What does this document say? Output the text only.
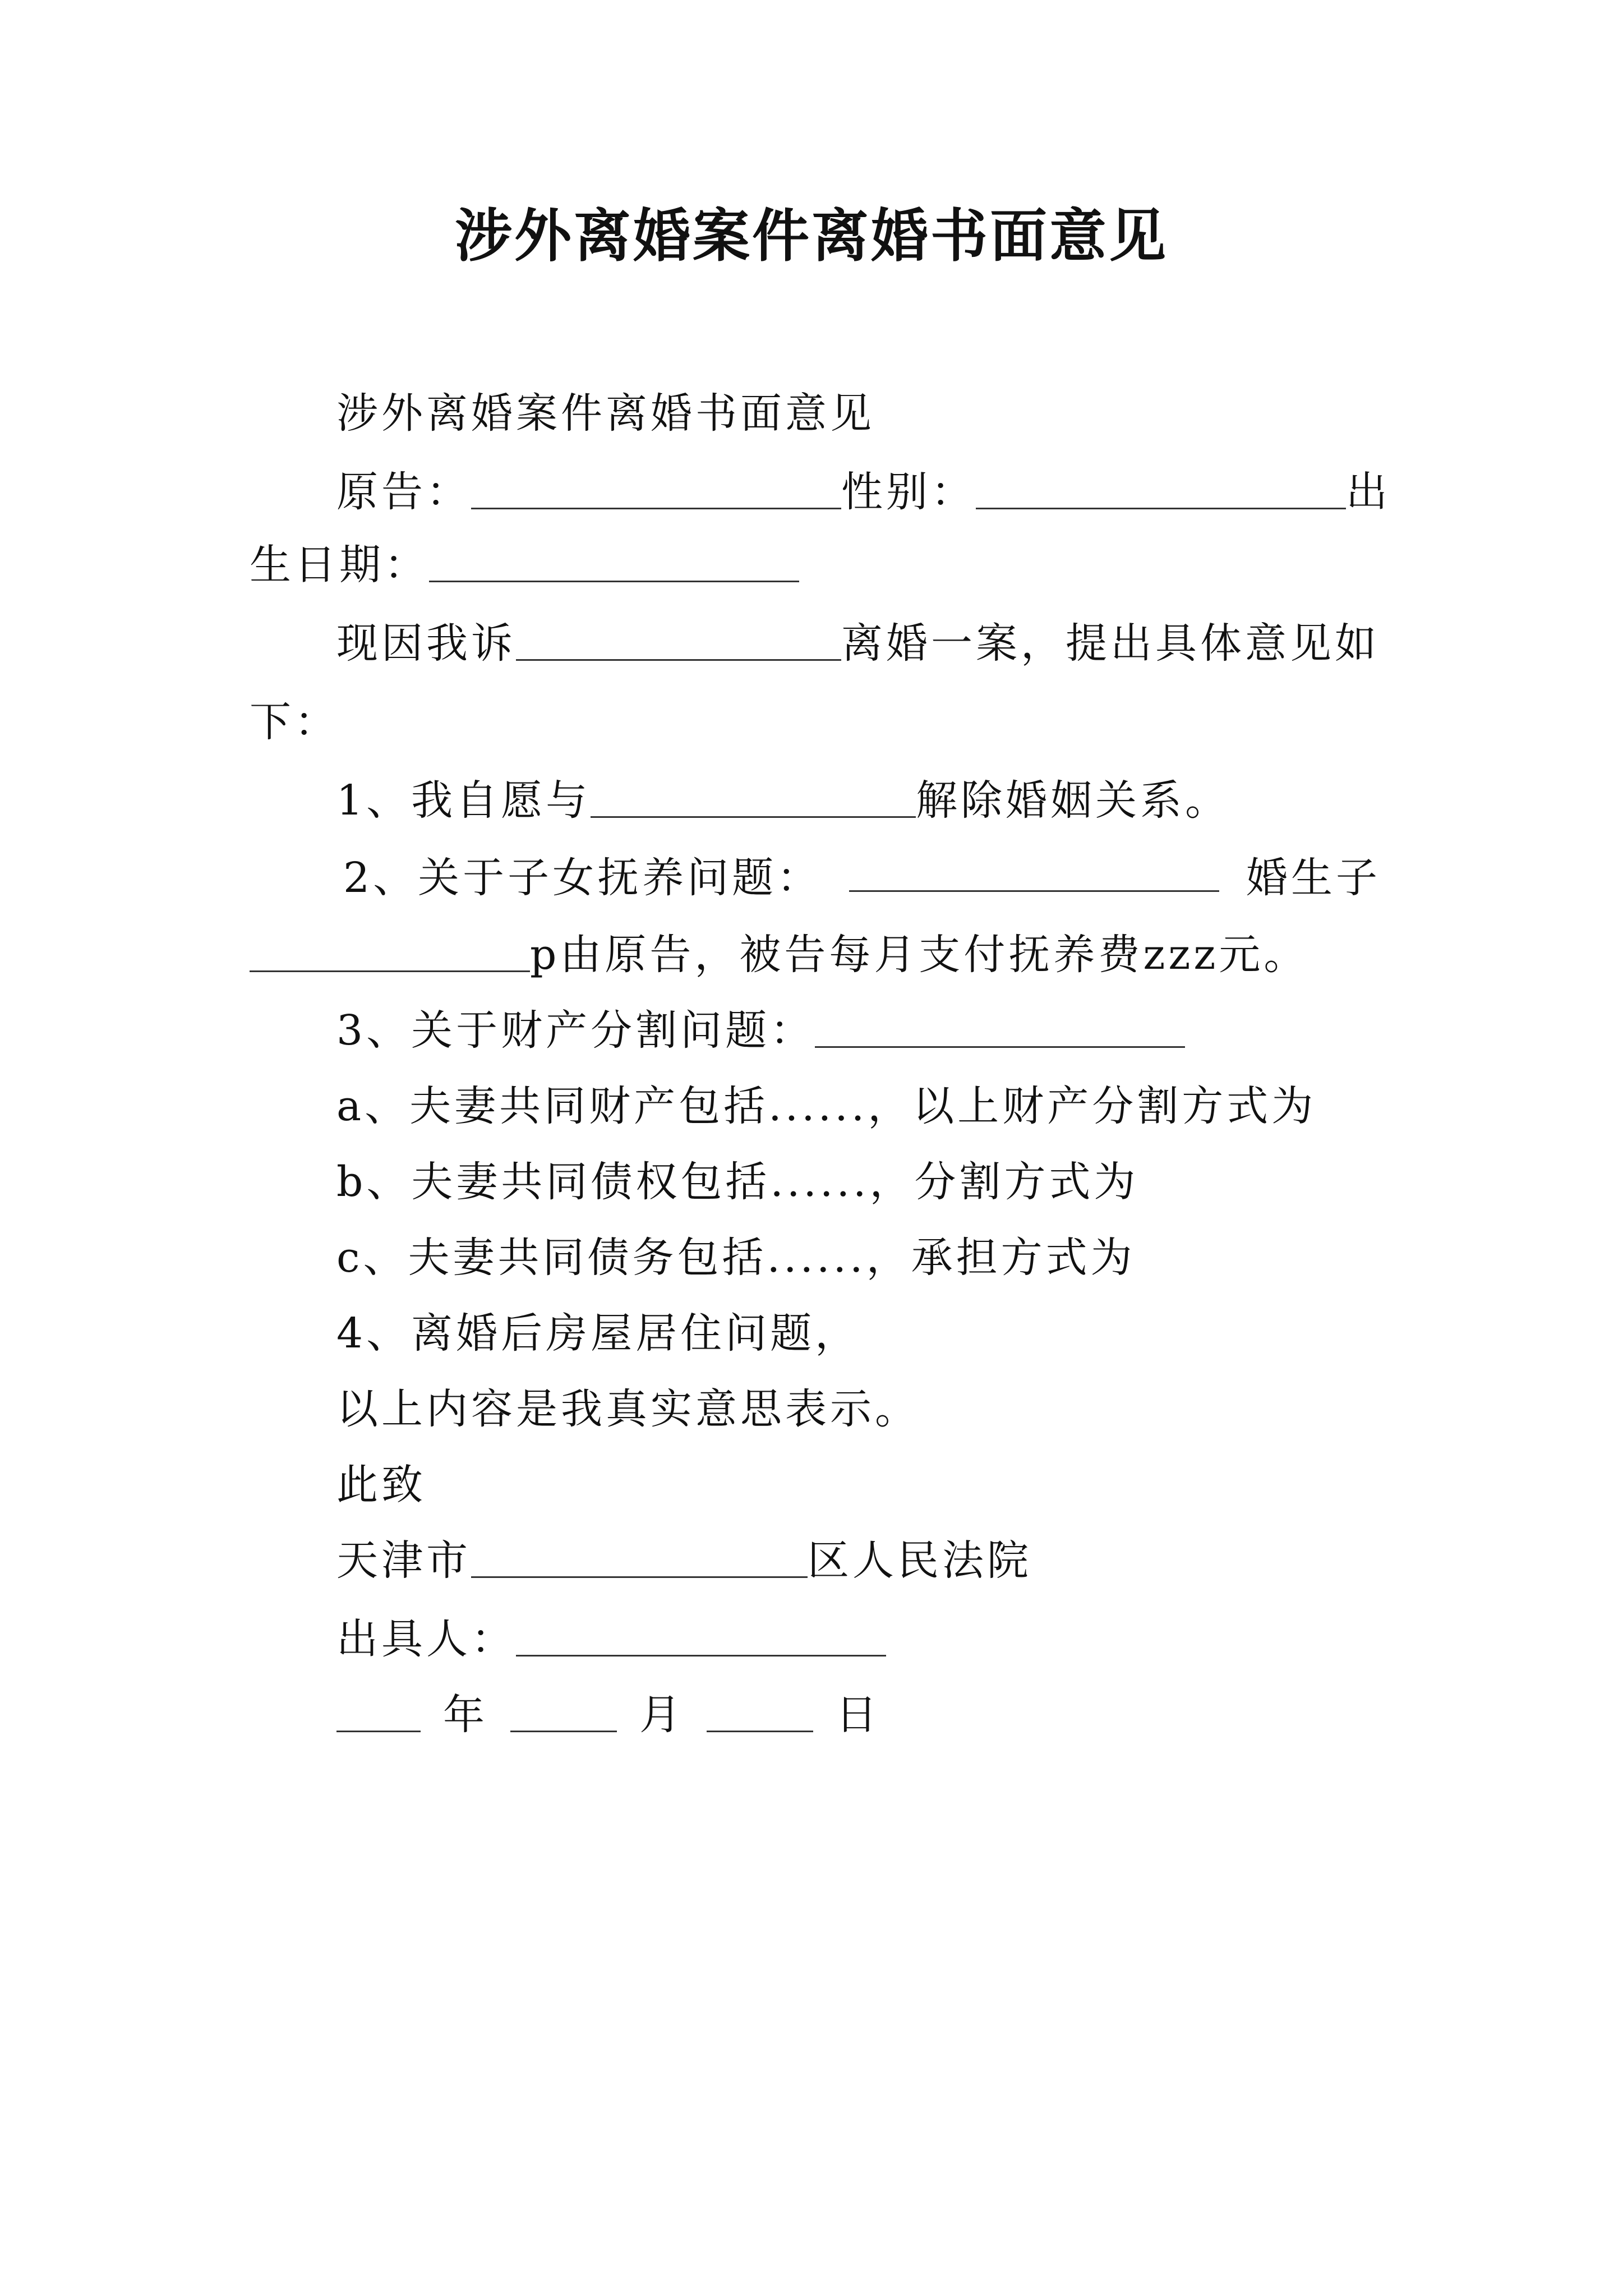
涉外离婚案件离婚书面意见
涉外离婚案件离婚书面意见
原告：	性别：	出
生日期：
现因我诉	离婚一案，提出具体意见如
下：
1、我自愿与	解除婚姻关系。
2、关于子女抚养问题：	婚生子
p由原告，被告每月支付抚养费zzz元。
3、关于财产分割问题：
a、夫妻共同财产包括......，以上财产分割方式为
b、夫妻共同债权包括......，分割方式为
c、夫妻共同债务包括......，承担方式为
4、离婚后房屋居住问题，
以上内容是我真实意思表示。
此致
天津市	区人民法院
出具人：
年	月	日
